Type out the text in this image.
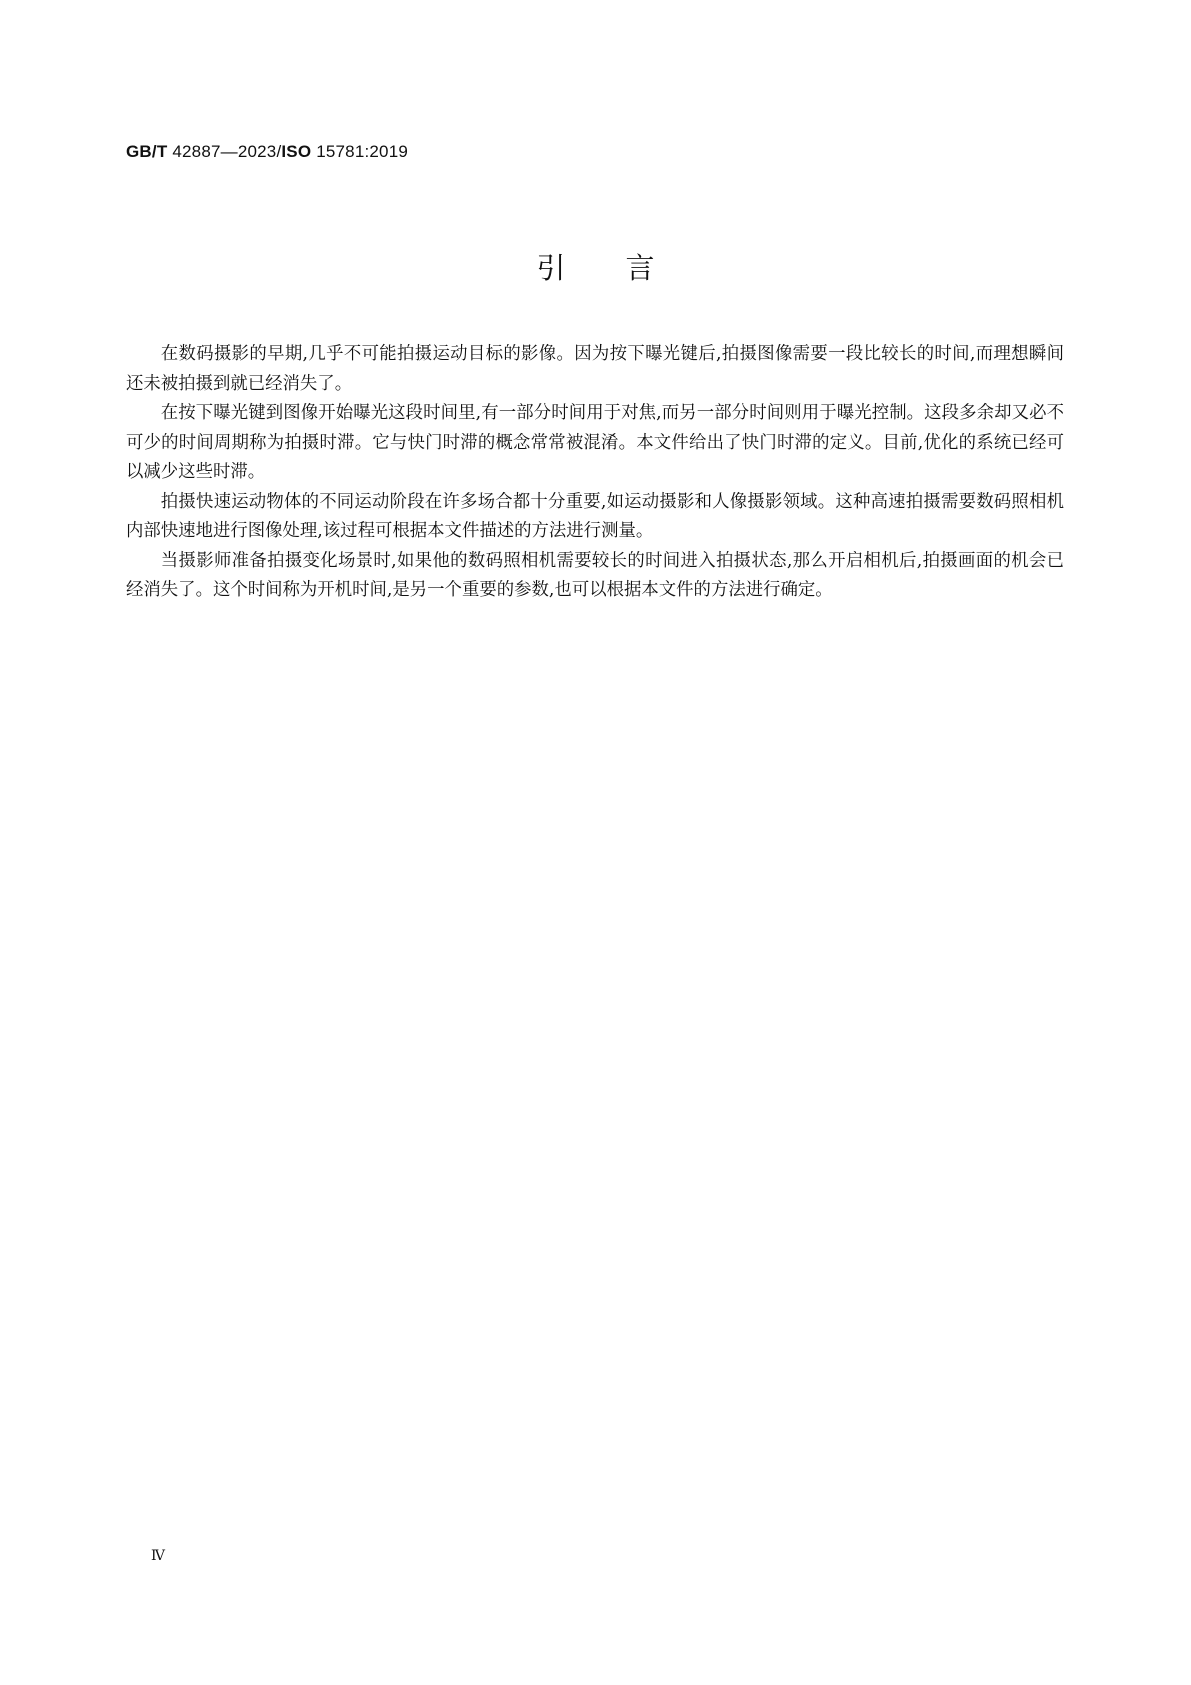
GB/T 42887—2023/ISO 15781:2019
引言

在数码摄影的早期,几乎不可能拍摄运动目标的影像。因为按下曝光键后,拍摄图像需要一段比较长的时间,而理想瞬间还未被拍摄到就已经消失了。

在按下曝光键到图像开始曝光这段时间里,有一部分时间用于对焦,而另一部分时间则用于曝光控制。这段多余却又必不可少的时间周期称为拍摄时滞。它与快门时滞的概念常常被混淆。本文件给出了快门时滞的定义。目前,优化的系统已经可以减少这些时滞。

拍摄快速运动物体的不同运动阶段在许多场合都十分重要,如运动摄影和人像摄影领域。这种高速拍摄需要数码照相机内部快速地进行图像处理,该过程可根据本文件描述的方法进行测量。

当摄影师准备拍摄变化场景时,如果他的数码照相机需要较长的时间进入拍摄状态,那么开启相机后,拍摄画面的机会已经消失了。这个时间称为开机时间,是另一个重要的参数,也可以根据本文件的方法进行确定。

Ⅳ
